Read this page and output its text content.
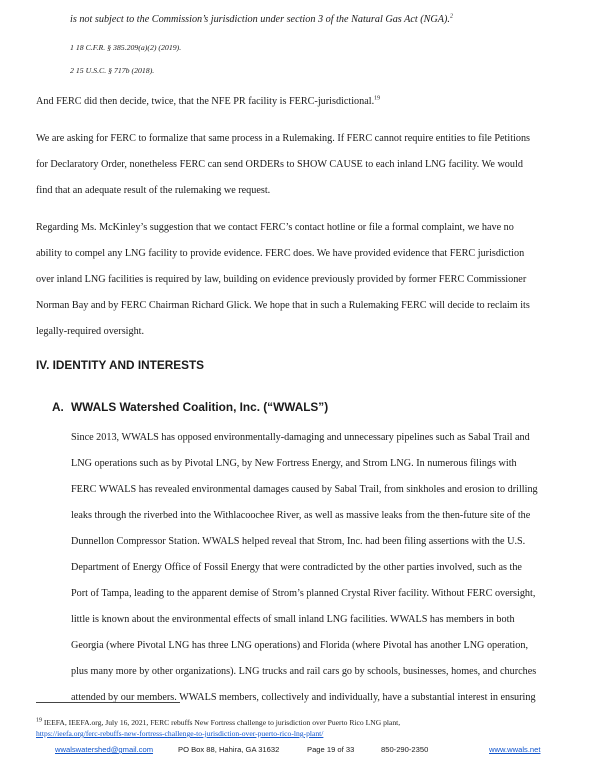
is not subject to the Commission’s jurisdiction under section 3 of the Natural Gas Act (NGA).$^2$
1 18 C.F.R. § 385.209(a)(2) (2019).
2 15 U.S.C. § 717b (2018).
And FERC did then decide, twice, that the NFE PR facility is FERC-jurisdictional.$^{19}$
We are asking for FERC to formalize that same process in a Rulemaking. If FERC cannot require entities to file Petitions
for Declaratory Order, nonetheless FERC can send ORDERs to SHOW CAUSE to each inland LNG facility. We would
find that an adequate result of the rulemaking we request.
Regarding Ms. McKinley’s suggestion that we contact FERC’s contact hotline or file a formal complaint, we have no
ability to compel any LNG facility to provide evidence. FERC does. We have provided evidence that FERC jurisdiction
over inland LNG facilities is required by law, building on evidence previously provided by former FERC Commissioner
Norman Bay and by FERC Chairman Richard Glick. We hope that in such a Rulemaking FERC will decide to reclaim its
legally-required oversight.
IV. IDENTITY AND INTERESTS
A. WWALS Watershed Coalition, Inc. (“WWALS”)
Since 2013, WWALS has opposed environmentally-damaging and unnecessary pipelines such as Sabal Trail and
LNG operations such as by Pivotal LNG, by New Fortress Energy, and Strom LNG. In numerous filings with
FERC WWALS has revealed environmental damages caused by Sabal Trail, from sinkholes and erosion to drilling
leaks through the riverbed into the Withlacoochee River, as well as massive leaks from the then-future site of the
Dunnellon Compressor Station. WWALS helped reveal that Strom, Inc. had been filing assertions with the U.S.
Department of Energy Office of Fossil Energy that were contradicted by the other parties involved, such as the
Port of Tampa, leading to the apparent demise of Strom’s planned Crystal River facility. Without FERC oversight,
little is known about the environmental effects of small inland LNG facilities. WWALS has members in both
Georgia (where Pivotal LNG has three LNG operations) and Florida (where Pivotal has another LNG operation,
plus many more by other organizations). LNG trucks and rail cars go by schools, businesses, homes, and churches
attended by our members. WWALS members, collectively and individually, have a substantial interest in ensuring
$^{19}$ IEEFA, IEEFA.org, July 16, 2021, FERC rebuffs New Fortress challenge to jurisdiction over Puerto Rico LNG plant,
https://ieefa.org/ferc-rebuffs-new-fortress-challenge-to-jurisdiction-over-puerto-rico-lng-plant/
wwalswatershed@gmail.com	PO Box 88, Hahira, GA 31632	Page 19 of 33	850-290-2350	www.wwals.net
